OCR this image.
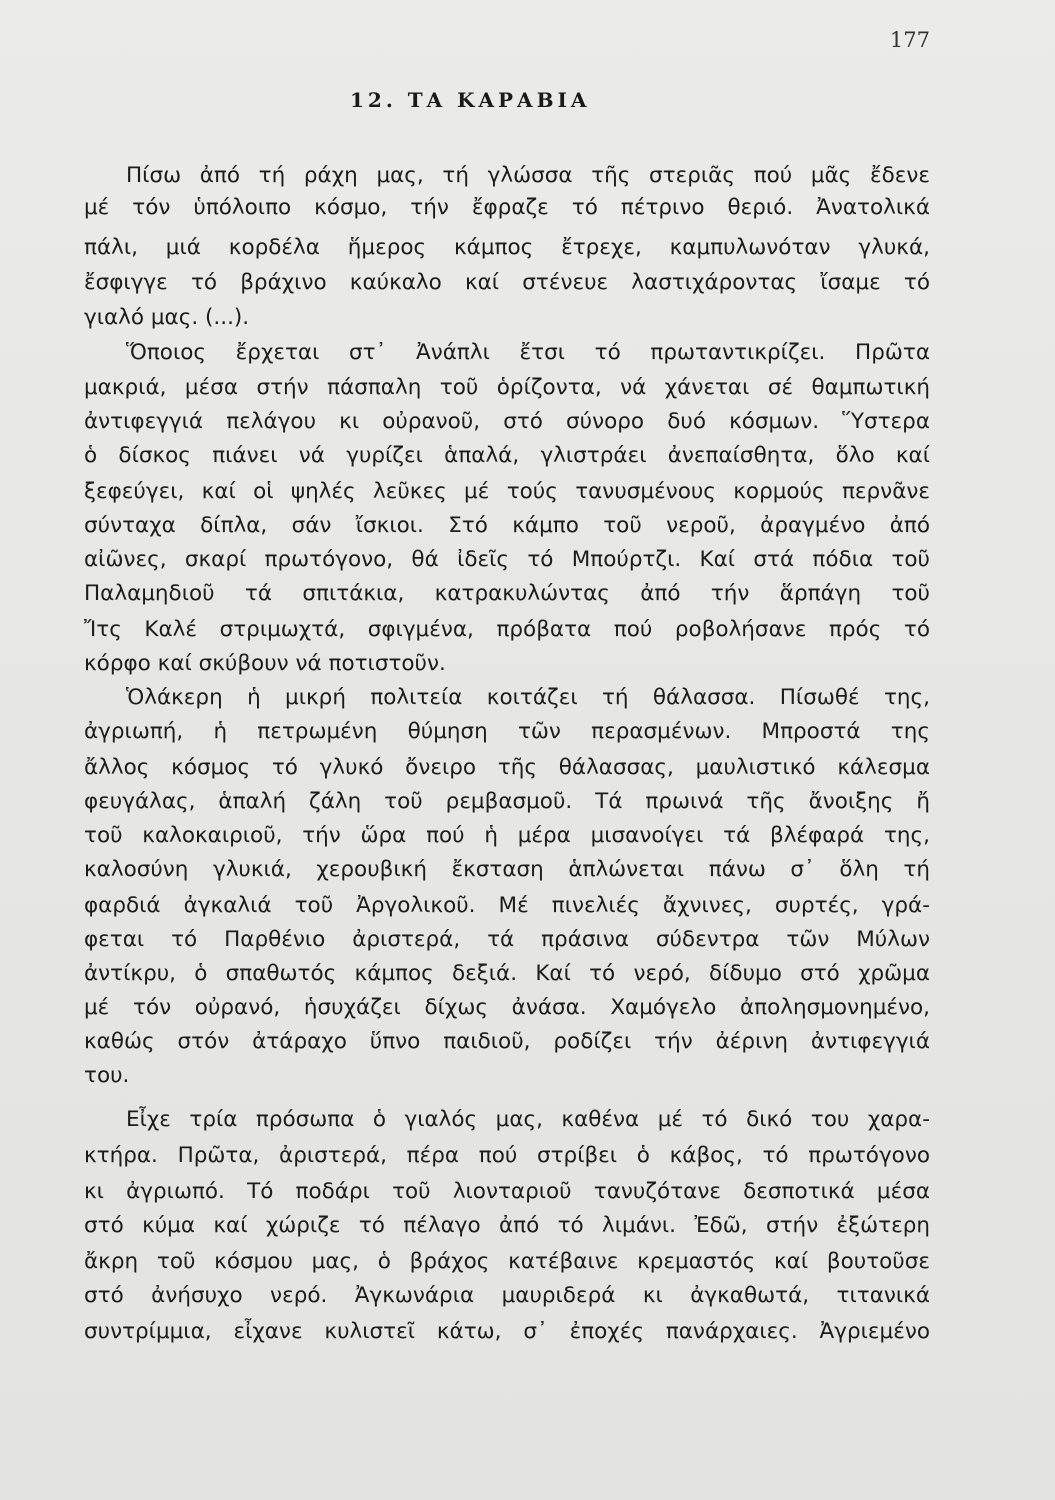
177
12. ΤΑ ΚΑΡΑΒΙΑ
Πίσω ἀπό τή ράχη μας, τή γλώσσα τῆς στεριᾶς πού μᾶς ἔδενε
μέ τόν ὑπόλοιπο κόσμο, τήν ἔφραζε τό πέτρινο θεριό. Ἀνατολικά
πάλι, μιά κορδέλα ἥμερος κάμπος ἔτρεχε, καμπυλωνόταν γλυκά,
ἔσφιγγε τό βράχινο καύκαλο καί στένευε λαστιχάροντας ἴσαμε τό
γιαλό μας. (...).
Ὅποιος ἔρχεται στ᾽ Ἀνάπλι ἔτσι τό πρωταντικρίζει. Πρῶτα
μακριά, μέσα στήν πάσπαλη τοῦ ὁρίζοντα, νά χάνεται σέ θαμπωτική
ἀντιφεγγιά πελάγου κι οὐρανοῦ, στό σύνορο δυό κόσμων. Ὕστερα
ὁ δίσκος πιάνει νά γυρίζει ἁπαλά, γλιστράει ἀνεπαίσθητα, ὅλο καί
ξεφεύγει, καί οἱ ψηλές λεῦκες μέ τούς τανυσμένους κορμούς περνᾶνε
σύνταχα δίπλα, σάν ἴσκιοι. Στό κάμπο τοῦ νεροῦ, ἀραγμένο ἀπό
αἰῶνες, σκαρί πρωτόγονο, θά ἰδεῖς τό Μπούρτζι. Καί στά πόδια τοῦ
Παλαμηδιοῦ τά σπιτάκια, κατρακυλώντας ἀπό τήν ἅρπάγη τοῦ
Ἴτς Καλέ στριμωχτά, σφιγμένα, πρόβατα πού ροβολήσανε πρός τό
κόρφο καί σκύβουν νά ποτιστοῦν.
Ὁλάκερη ἡ μικρή πολιτεία κοιτάζει τή θάλασσα. Πίσωθέ της,
ἀγριωπή, ἡ πετρωμένη θύμηση τῶν περασμένων. Μπροστά της
ἄλλος κόσμος τό γλυκό ὄνειρο τῆς θάλασσας, μαυλιστικό κάλεσμα
φευγάλας, ἁπαλή ζάλη τοῦ ρεμβασμοῦ. Τά πρωινά τῆς ἄνοιξης ἤ
τοῦ καλοκαιριοῦ, τήν ὥρα πού ἡ μέρα μισανοίγει τά βλέφαρά της,
καλοσύνη γλυκιά, χερουβική ἔκσταση ἁπλώνεται πάνω σ᾽ ὅλη τή
φαρδιά ἀγκαλιά τοῦ Ἀργολικοῦ. Μέ πινελιές ἄχνινες, συρτές, γρά-
φεται τό Παρθένιο ἀριστερά, τά πράσινα σύδεντρα τῶν Μύλων
ἀντίκρυ, ὁ σπαθωτός κάμπος δεξιά. Καί τό νερό, δίδυμο στό χρῶμα
μέ τόν οὐρανό, ἡσυχάζει δίχως ἀνάσα. Χαμόγελο ἀπολησμονημένο,
καθώς στόν ἀτάραχο ὕπνο παιδιοῦ, ροδίζει τήν ἀέρινη ἀντιφεγγιά
του.
Εἶχε τρία πρόσωπα ὁ γιαλός μας, καθένα μέ τό δικό του χαρα-
κτήρα. Πρῶτα, ἀριστερά, πέρα πού στρίβει ὁ κάβος, τό πρωτόγονο
κι ἀγριωπό. Τό ποδάρι τοῦ λιονταριοῦ τανυζότανε δεσποτικά μέσα
στό κύμα καί χώριζε τό πέλαγο ἀπό τό λιμάνι. Ἐδῶ, στήν ἐξώτερη
ἄκρη τοῦ κόσμου μας, ὁ βράχος κατέβαινε κρεμαστός καί βουτοῦσε
στό ἀνήσυχο νερό. Ἀγκωνάρια μαυριδερά κι ἀγκαθωτά, τιτανικά
συντρίμμια, εἶχανε κυλιστεῖ κάτω, σ᾽ ἐποχές πανάρχαιες. Ἀγριεμένο
